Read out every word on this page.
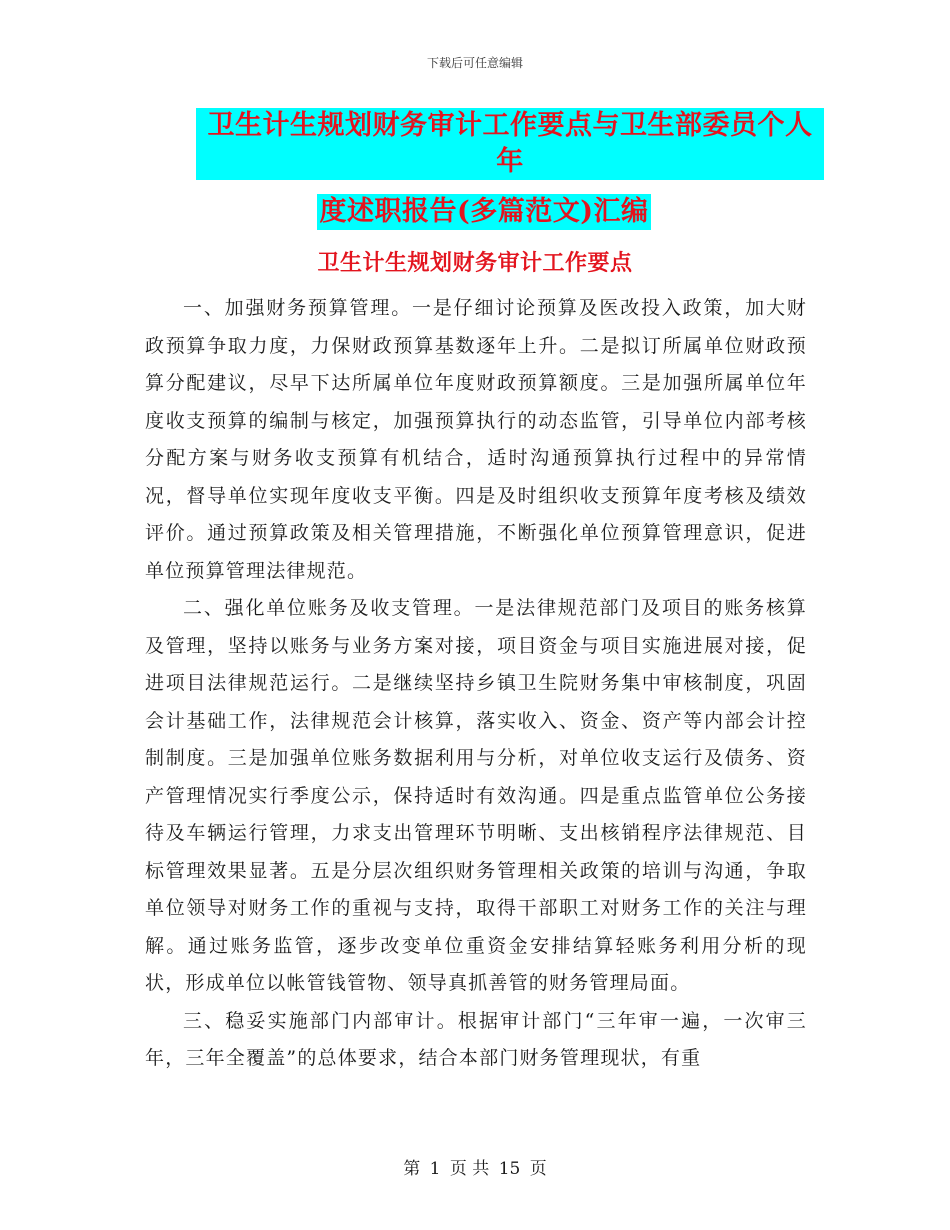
下载后可任意编辑
卫生计生规划财务审计工作要点与卫生部委员个人年
度述职报告(多篇范文)汇编
卫生计生规划财务审计工作要点

一、加强财务预算管理。一是仔细讨论预算及医改投入政策，加大财政预算争取力度，力保财政预算基数逐年上升。二是拟订所属单位财政预算分配建议，尽早下达所属单位年度财政预算额度。三是加强所属单位年度收支预算的编制与核定，加强预算执行的动态监管，引导单位内部考核分配方案与财务收支预算有机结合，适时沟通预算执行过程中的异常情况，督导单位实现年度收支平衡。四是及时组织收支预算年度考核及绩效评价。通过预算政策及相关管理措施，不断强化单位预算管理意识，促进单位预算管理法律规范。

二、强化单位账务及收支管理。一是法律规范部门及项目的账务核算及管理，坚持以账务与业务方案对接，项目资金与项目实施进展对接，促进项目法律规范运行。二是继续坚持乡镇卫生院财务集中审核制度，巩固会计基础工作，法律规范会计核算，落实收入、资金、资产等内部会计控制制度。三是加强单位账务数据利用与分析，对单位收支运行及债务、资产管理情况实行季度公示，保持适时有效沟通。四是重点监管单位公务接待及车辆运行管理，力求支出管理环节明晰、支出核销程序法律规范、目标管理效果显著。五是分层次组织财务管理相关政策的培训与沟通，争取单位领导对财务工作的重视与支持，取得干部职工对财务工作的关注与理解。通过账务监管，逐步改变单位重资金安排结算轻账务利用分析的现状，形成单位以帐管钱管物、领导真抓善管的财务管理局面。

三、稳妥实施部门内部审计。根据审计部门“三年审一遍，一次审三年，三年全覆盖”的总体要求，结合本部门财务管理现状，有重

第 1 页 共 15 页
